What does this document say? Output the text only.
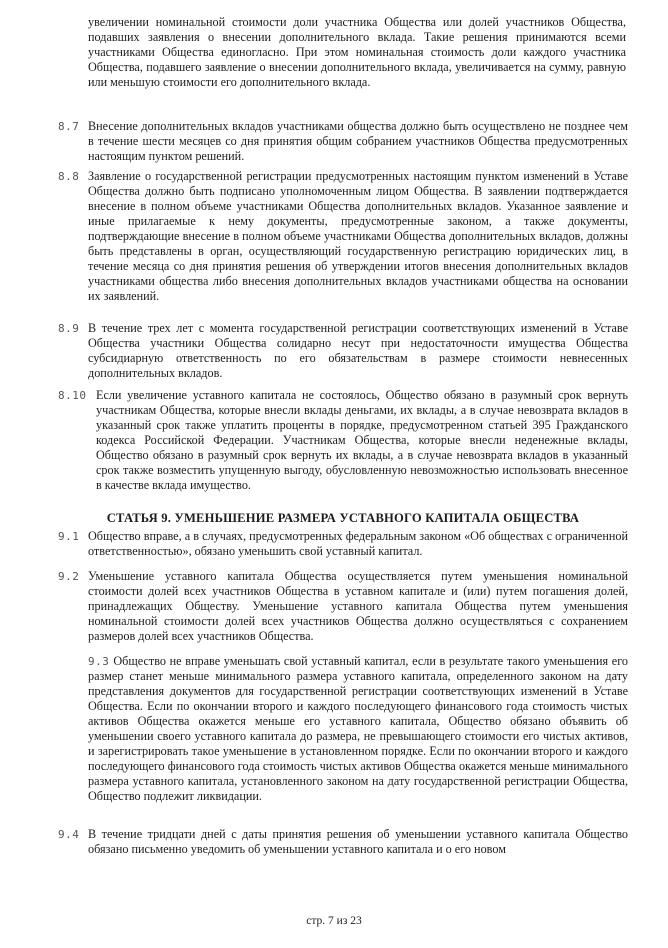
увеличении номинальной стоимости доли участника Общества или долей участников Общества, подавших заявления о внесении дополнительного вклада. Такие решения принимаются всеми участниками Общества единогласно. При этом номинальная стоимость доли каждого участника Общества, подавшего заявление о внесении дополнительного вклада, увеличивается на сумму, равную или меньшую стоимости его дополнительного вклада.
8.7 Внесение дополнительных вкладов участниками общества должно быть осуществлено не позднее чем в течение шести месяцев со дня принятия общим собранием участников Общества предусмотренных настоящим пунктом решений.
8.8 Заявление о государственной регистрации предусмотренных настоящим пунктом изменений в Уставе Общества должно быть подписано уполномоченным лицом Общества. В заявлении подтверждается внесение в полном объеме участниками Общества дополнительных вкладов. Указанное заявление и иные прилагаемые к нему документы, предусмотренные законом, а также документы, подтверждающие внесение в полном объеме участниками Общества дополнительных вкладов, должны быть представлены в орган, осуществляющий государственную регистрацию юридических лиц, в течение месяца со дня принятия решения об утверждении итогов внесения дополнительных вкладов участниками общества либо внесения дополнительных вкладов участниками общества на основании их заявлений.
8.9 В течение трех лет с момента государственной регистрации соответствующих изменений в Уставе Общества участники Общества солидарно несут при недостаточности имущества Общества субсидиарную ответственность по его обязательствам в размере стоимости невнесенных дополнительных вкладов.
8.10 Если увеличение уставного капитала не состоялось, Общество обязано в разумный срок вернуть участникам Общества, которые внесли вклады деньгами, их вклады, а в случае невозврата вкладов в указанный срок также уплатить проценты в порядке, предусмотренном статьей 395 Гражданского кодекса Российской Федерации. Участникам Общества, которые внесли неденежные вклады, Общество обязано в разумный срок вернуть их вклады, а в случае невозврата вкладов в указанный срок также возместить упущенную выгоду, обусловленную невозможностью использовать внесенное в качестве вклада имущество.
СТАТЬЯ 9. УМЕНЬШЕНИЕ РАЗМЕРА УСТАВНОГО КАПИТАЛА ОБЩЕСТВА
9.1 Общество вправе, а в случаях, предусмотренных федеральным законом «Об обществах с ограниченной ответственностью», обязано уменьшить свой уставный капитал.
9.2 Уменьшение уставного капитала Общества осуществляется путем уменьшения номинальной стоимости долей всех участников Общества в уставном капитале и (или) путем погашения долей, принадлежащих Обществу. Уменьшение уставного капитала Общества путем уменьшения номинальной стоимости долей всех участников Общества должно осуществляться с сохранением размеров долей всех участников Общества.
9.3 Общество не вправе уменьшать свой уставный капитал, если в результате такого уменьшения его размер станет меньше минимального размера уставного капитала, определенного законом на дату представления документов для государственной регистрации соответствующих изменений в Уставе Общества. Если по окончании второго и каждого последующего финансового года стоимость чистых активов Общества окажется меньше его уставного капитала, Общество обязано объявить об уменьшении своего уставного капитала до размера, не превышающего стоимости его чистых активов, и зарегистрировать такое уменьшение в установленном порядке. Если по окончании второго и каждого последующего финансового года стоимость чистых активов Общества окажется меньше минимального размера уставного капитала, установленного законом на дату государственной регистрации Общества, Общество подлежит ликвидации.
9.4 В течение тридцати дней с даты принятия решения об уменьшении уставного капитала Общество обязано письменно уведомить об уменьшении уставного капитала и о его новом
стр. 7 из 23
